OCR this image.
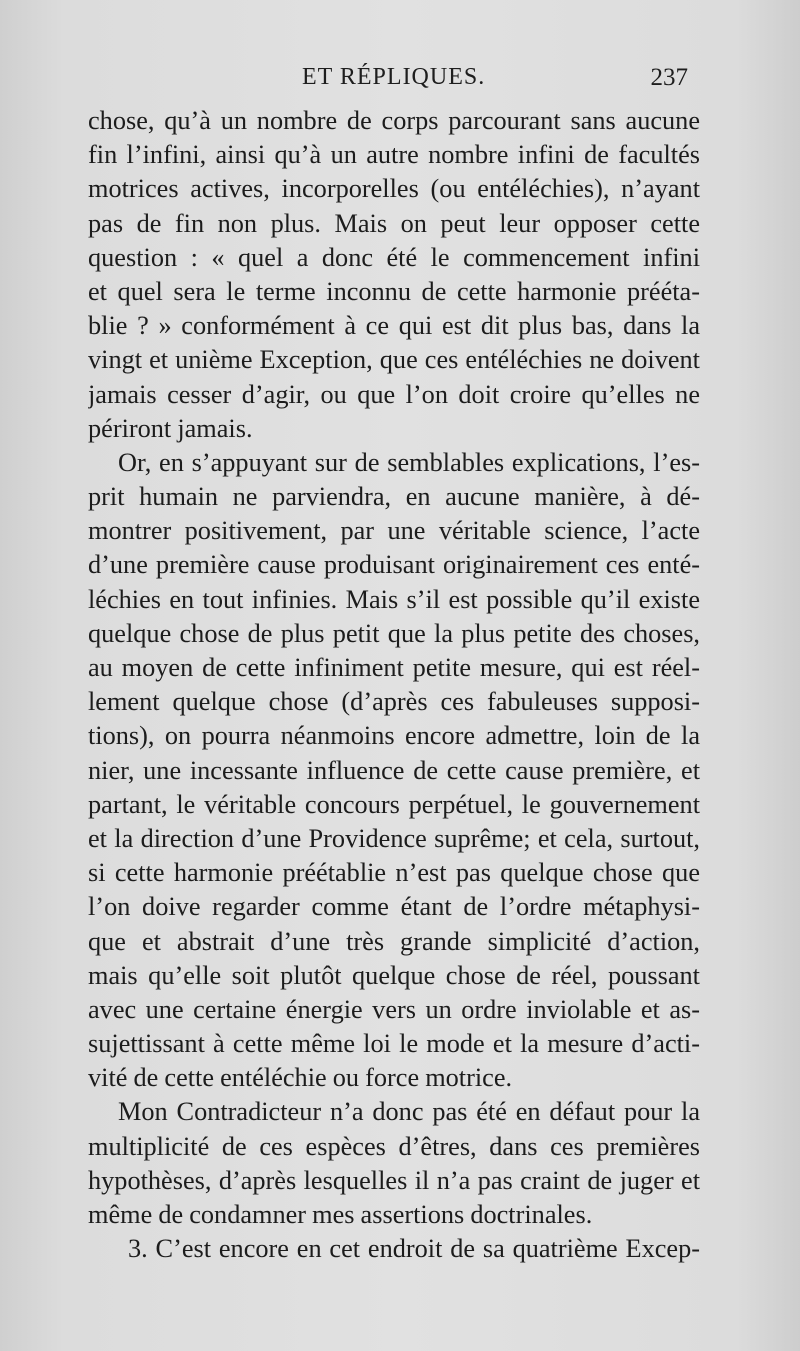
ET RÉPLIQUES.	237
chose, qu’à un nombre de corps parcourant sans aucune
fin l’infini, ainsi qu’à un autre nombre infini de facultés
motrices actives, incorporelles (ou entéléchies), n’ayant
pas de fin non plus. Mais on peut leur opposer cette
question : « quel a donc été le commencement infini
et quel sera le terme inconnu de cette harmonie prééta-
blie ? » conformément à ce qui est dit plus bas, dans la
vingt et unième Exception, que ces entéléchies ne doivent
jamais cesser d’agir, ou que l’on doit croire qu’elles ne
périront jamais.
Or, en s’appuyant sur de semblables explications, l’es-
prit humain ne parviendra, en aucune manière, à dé-
montrer positivement, par une véritable science, l’acte
d’une première cause produisant originairement ces enté-
léchies en tout infinies. Mais s’il est possible qu’il existe
quelque chose de plus petit que la plus petite des choses,
au moyen de cette infiniment petite mesure, qui est réel-
lement quelque chose (d’après ces fabuleuses supposi-
tions), on pourra néanmoins encore admettre, loin de la
nier, une incessante influence de cette cause première, et
partant, le véritable concours perpétuel, le gouvernement
et la direction d’une Providence suprême; et cela, surtout,
si cette harmonie préétablie n’est pas quelque chose que
l’on doive regarder comme étant de l’ordre métaphysi-
que et abstrait d’une très grande simplicité d’action,
mais qu’elle soit plutôt quelque chose de réel, poussant
avec une certaine énergie vers un ordre inviolable et as-
sujettissant à cette même loi le mode et la mesure d’acti-
vité de cette entéléchie ou force motrice.
Mon Contradicteur n’a donc pas été en défaut pour la
multiplicité de ces espèces d’êtres, dans ces premières
hypothèses, d’après lesquelles il n’a pas craint de juger et
même de condamner mes assertions doctrinales.
3. C’est encore en cet endroit de sa quatrième Excep-
